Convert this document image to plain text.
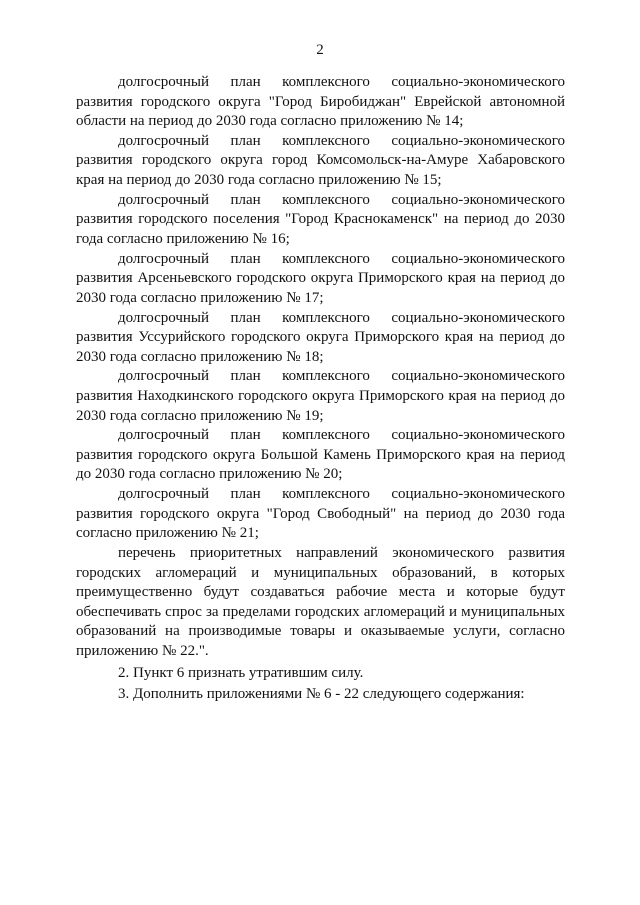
2

долгосрочный план комплексного социально-экономического развития городского округа "Город Биробиджан" Еврейской автономной области на период до 2030 года согласно приложению № 14;

долгосрочный план комплексного социально-экономического развития городского округа город Комсомольск-на-Амуре Хабаровского края на период до 2030 года согласно приложению № 15;

долгосрочный план комплексного социально-экономического развития городского поселения "Город Краснокаменск" на период до 2030 года согласно приложению № 16;

долгосрочный план комплексного социально-экономического развития Арсеньевского городского округа Приморского края на период до 2030 года согласно приложению № 17;

долгосрочный план комплексного социально-экономического развития Уссурийского городского округа Приморского края на период до 2030 года согласно приложению № 18;

долгосрочный план комплексного социально-экономического развития Находкинского городского округа Приморского края на период до 2030 года согласно приложению № 19;

долгосрочный план комплексного социально-экономического развития городского округа Большой Камень Приморского края на период до 2030 года согласно приложению № 20;

долгосрочный план комплексного социально-экономического развития городского округа "Город Свободный" на период до 2030 года согласно приложению № 21;

перечень приоритетных направлений экономического развития городских агломераций и муниципальных образований, в которых преимущественно будут создаваться рабочие места и которые будут обеспечивать спрос за пределами городских агломераций и муниципальных образований на производимые товары и оказываемые услуги, согласно приложению № 22.".

2. Пункт 6 признать утратившим силу.

3. Дополнить приложениями № 6 - 22 следующего содержания:
